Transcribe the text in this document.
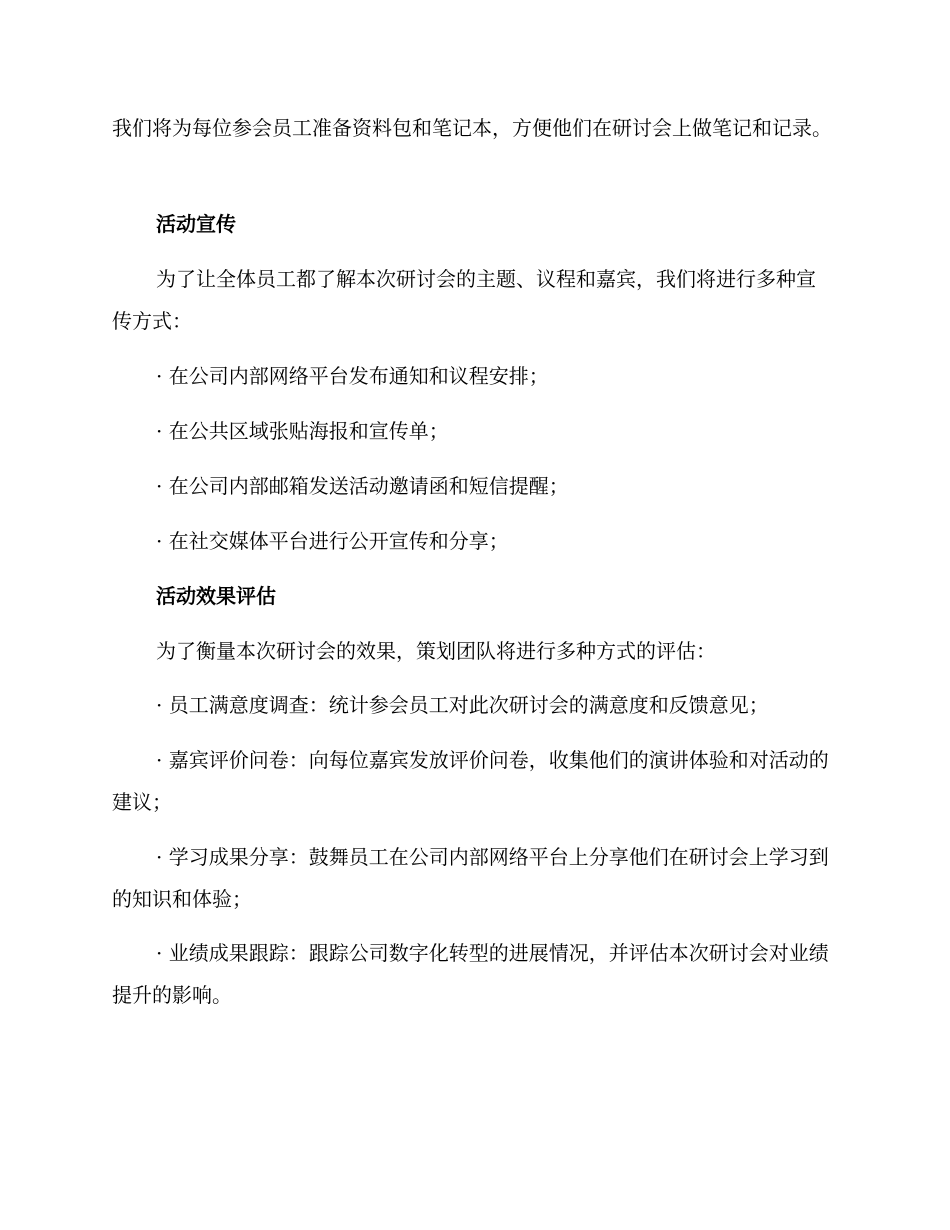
我们将为每位参会员工准备资料包和笔记本，方便他们在研讨会上做笔记和记录。

活动宣传

为了让全体员工都了解本次研讨会的主题、议程和嘉宾，我们将进行多种宣传方式：

· 在公司内部网络平台发布通知和议程安排；

· 在公共区域张贴海报和宣传单；

· 在公司内部邮箱发送活动邀请函和短信提醒；

· 在社交媒体平台进行公开宣传和分享；

活动效果评估

为了衡量本次研讨会的效果，策划团队将进行多种方式的评估：

· 员工满意度调查：统计参会员工对此次研讨会的满意度和反馈意见；

· 嘉宾评价问卷：向每位嘉宾发放评价问卷，收集他们的演讲体验和对活动的建议；

· 学习成果分享：鼓舞员工在公司内部网络平台上分享他们在研讨会上学习到的知识和体验；

· 业绩成果跟踪：跟踪公司数字化转型的进展情况，并评估本次研讨会对业绩提升的影响。
